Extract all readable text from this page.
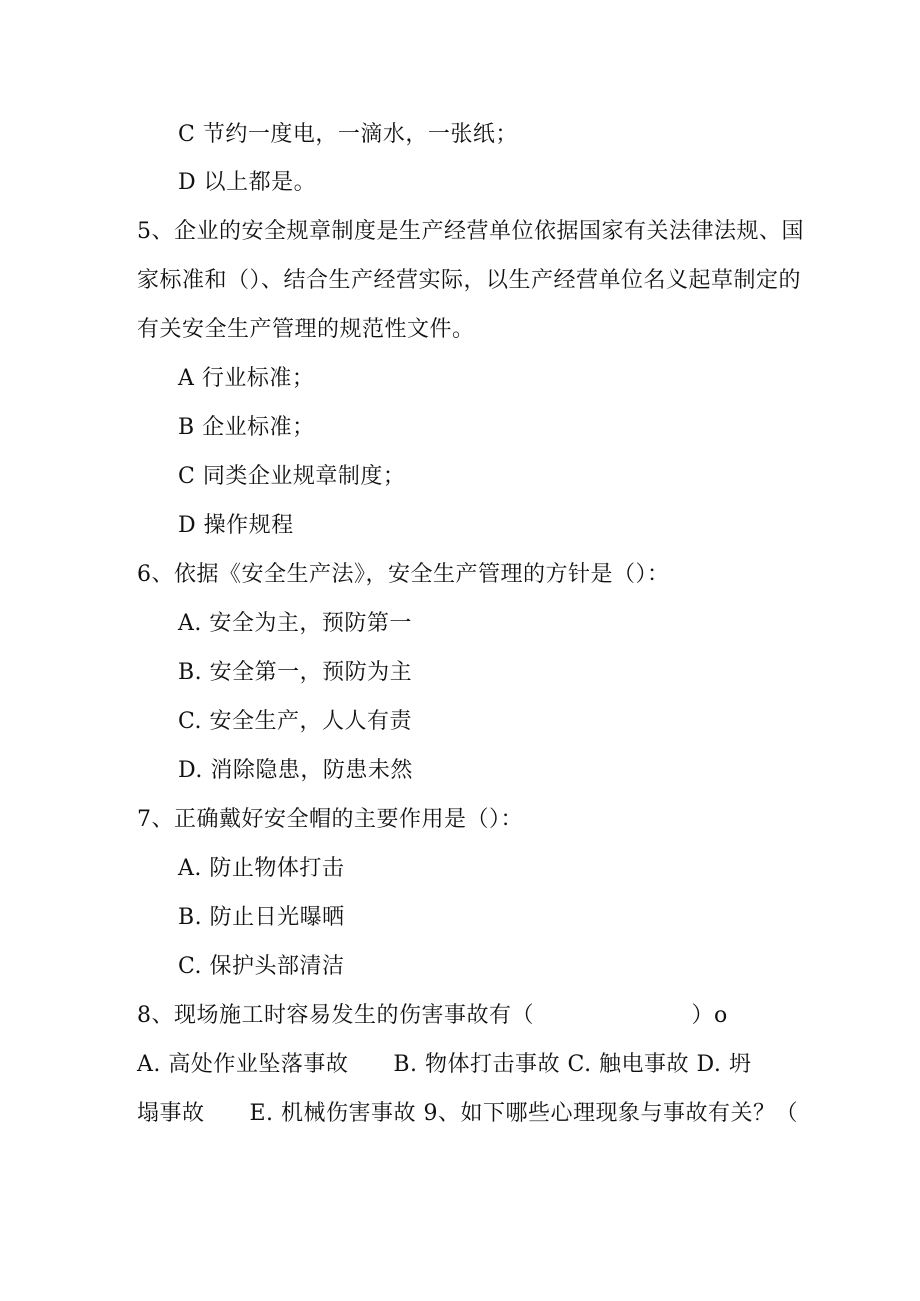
C 节约一度电，一滴水，一张纸；
D 以上都是。
5、企业的安全规章制度是生产经营单位依据国家有关法律法规、国
家标准和（）、结合生产经营实际，以生产经营单位名义起草制定的
有关安全生产管理的规范性文件。
A 行业标准；
B 企业标准；
C 同类企业规章制度；
D 操作规程
6、依据《安全生产法》，安全生产管理的方针是（）：
A. 安全为主，预防第一
B. 安全第一，预防为主
C. 安全生产，人人有责
D. 消除隐患，防患未然
7、正确戴好安全帽的主要作用是（）：
A. 防止物体打击
B. 防止日光曝晒
C. 保护头部清洁
8、现场施工时容易发生的伤害事故有（　　　　　　　）o
A. 高处作业坠落事故　　B. 物体打击事故 C. 触电事故 D. 坍
塌事故　　E. 机械伤害事故 9、如下哪些心理现象与事故有关？（
